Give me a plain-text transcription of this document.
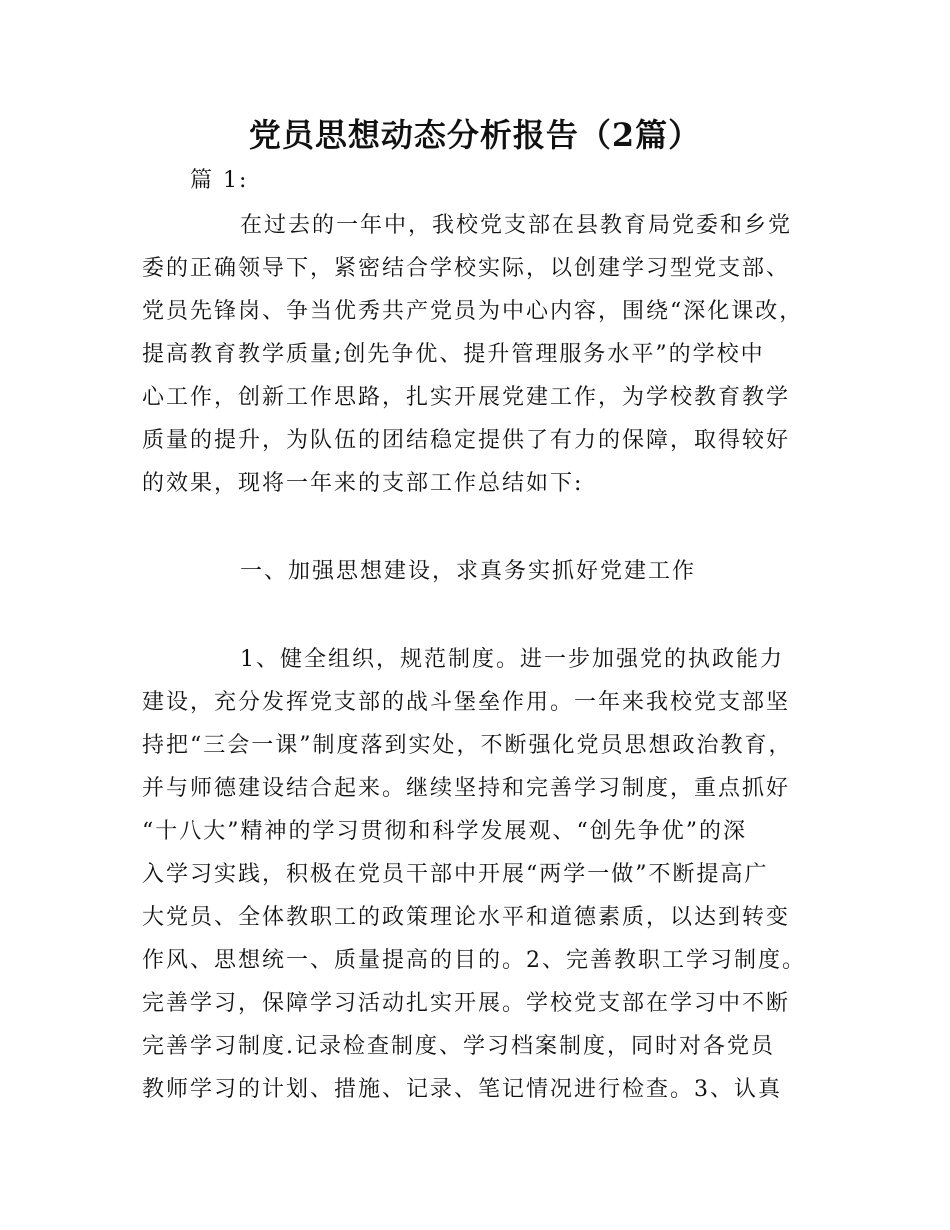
党员思想动态分析报告（2篇）
篇 1:
在过去的一年中，我校党支部在县教育局党委和乡党
委的正确领导下，紧密结合学校实际，以创建学习型党支部、
党员先锋岗、争当优秀共产党员为中心内容，围绕“深化课改，
提高教育教学质量;创先争优、提升管理服务水平”的学校中
心工作，创新工作思路，扎实开展党建工作，为学校教育教学
质量的提升，为队伍的团结稳定提供了有力的保障，取得较好
的效果，现将一年来的支部工作总结如下:
一、加强思想建设，求真务实抓好党建工作
1、健全组织，规范制度。进一步加强党的执政能力
建设，充分发挥党支部的战斗堡垒作用。一年来我校党支部坚
持把“三会一课”制度落到实处，不断强化党员思想政治教育，
并与师德建设结合起来。继续坚持和完善学习制度，重点抓好
“十八大”精神的学习贯彻和科学发展观、“创先争优”的深
入学习实践，积极在党员干部中开展“两学一做”不断提高广
大党员、全体教职工的政策理论水平和道德素质，以达到转变
作风、思想统一、质量提高的目的。2、完善教职工学习制度。
完善学习，保障学习活动扎实开展。学校党支部在学习中不断
完善学习制度.记录检查制度、学习档案制度，同时对各党员
教师学习的计划、措施、记录、笔记情况进行检查。3、认真
